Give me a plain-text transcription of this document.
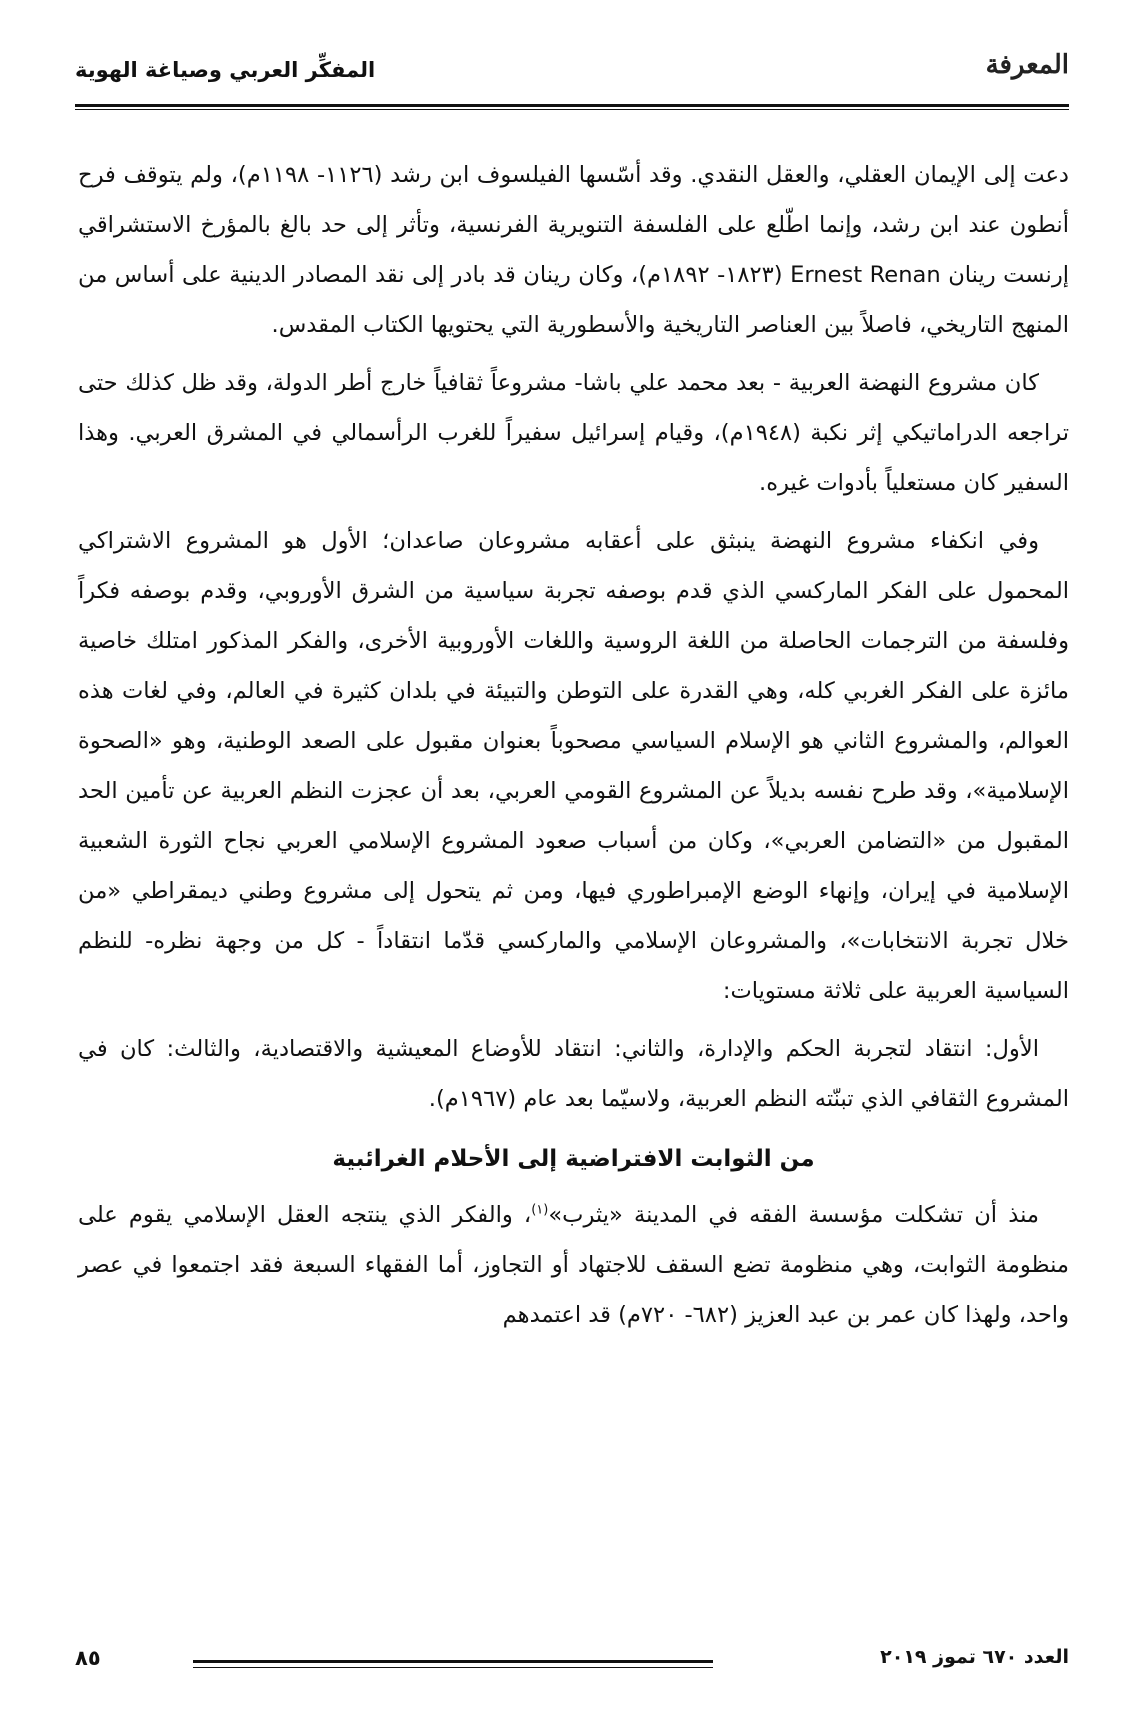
المفكِّر العربي وصياغة الهوية	المعرفة

دعت إلى الإيمان العقلي، والعقل النقدي. وقد أسّسها الفيلسوف ابن رشد (١١٢٦- ١١٩٨م)، ولم يتوقف فرح أنطون عند ابن رشد، وإنما اطّلع على الفلسفة التنويرية الفرنسية، وتأثر إلى حد بالغ بالمؤرخ الاستشراقي إرنست رينان Ernest Renan (١٨٢٣- ١٨٩٢م)، وكان رينان قد بادر إلى نقد المصادر الدينية على أساس من المنهج التاريخي، فاصلاً بين العناصر التاريخية والأسطورية التي يحتويها الكتاب المقدس.

كان مشروع النهضة العربية - بعد محمد علي باشا- مشروعاً ثقافياً خارج أطر الدولة، وقد ظل كذلك حتى تراجعه الدراماتيكي إثر نكبة (١٩٤٨م)، وقيام إسرائيل سفيراً للغرب الرأسمالي في المشرق العربي. وهذا السفير كان مستعلياً بأدوات غيره.

وفي انكفاء مشروع النهضة ينبثق على أعقابه مشروعان صاعدان؛ الأول هو المشروع الاشتراكي المحمول على الفكر الماركسي الذي قدم بوصفه تجربة سياسية من الشرق الأوروبي، وقدم بوصفه فكراً وفلسفة من الترجمات الحاصلة من اللغة الروسية واللغات الأوروبية الأخرى، والفكر المذكور امتلك خاصية مائزة على الفكر الغربي كله، وهي القدرة على التوطن والتبيئة في بلدان كثيرة في العالم، وفي لغات هذه العوالم، والمشروع الثاني هو الإسلام السياسي مصحوباً بعنوان مقبول على الصعد الوطنية، وهو «الصحوة الإسلامية»، وقد طرح نفسه بديلاً عن المشروع القومي العربي، بعد أن عجزت النظم العربية عن تأمين الحد المقبول من «التضامن العربي»، وكان من أسباب صعود المشروع الإسلامي العربي نجاح الثورة الشعبية الإسلامية في إيران، وإنهاء الوضع الإمبراطوري فيها، ومن ثم يتحول إلى مشروع وطني ديمقراطي «من خلال تجربة الانتخابات»، والمشروعان الإسلامي والماركسي قدّما انتقاداً - كل من وجهة نظره- للنظم السياسية العربية على ثلاثة مستويات:

الأول: انتقاد لتجربة الحكم والإدارة، والثاني: انتقاد للأوضاع المعيشية والاقتصادية، والثالث: كان في المشروع الثقافي الذي تبنّته النظم العربية، ولاسيّما بعد عام (١٩٦٧م).

من الثوابت الافتراضية إلى الأحلام الغرائبية

منذ أن تشكلت مؤسسة الفقه في المدينة «يثرب»$^{(١)}$، والفكر الذي ينتجه العقل الإسلامي يقوم على منظومة الثوابت، وهي منظومة تضع السقف للاجتهاد أو التجاوز، أما الفقهاء السبعة فقد اجتمعوا في عصر واحد، ولهذا كان عمر بن عبد العزيز (٦٨٢- ٧٢٠م) قد اعتمدهم

٨٥	العدد ٦٧٠ تموز ٢٠١٩
